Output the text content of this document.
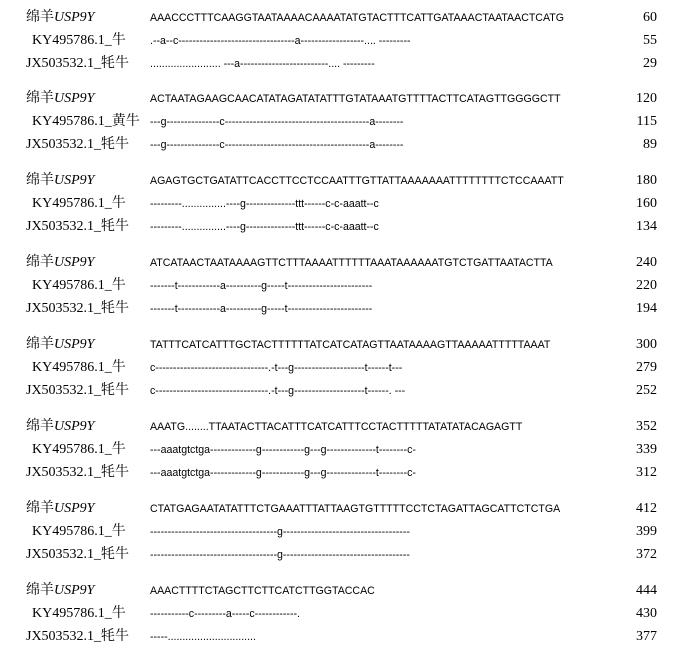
绵羊USP9Y	AAACCCTTTCAAGGTAATAAAACAAAATATGTACTTTCATTGATAAACTAATAACTCATG	60
KY495786.1_牛 .--a--c---------------------------------a------------------.... ---------	55
JX503532.1_牦牛 ........................ ---a-------------------------.... ---------	29
绵羊USP9Y	ACTAATAGAAGCAACATATAGATATATTTGTATAAATGTTTTACTTCATAGTTGGGGCTT	120
KY495786.1_黄牛 ---g---------------c-----------------------------------------a--------	115
JX503532.1_牦牛 ---g---------------c-----------------------------------------a--------	89
绵羊USP9Y	AGAGTGCTGATATTCACCTTCCTCCAATTTGTTATTAAAAAAATTTTTTTTCTCCAAATT	180
KY495786.1_牛 ---------...............----g--------------ttt------c-c-aaatt--c	160
JX503532.1_牦牛 ---------...............----g--------------ttt------c-c-aaatt--c	134
绵羊USP9Y	ATCATAACTAATAAAAGTTCTTTAAAATTTTTTAAATAAAAAATGTCTGATTAATACTTA	240
KY495786.1_牛 -------t------------a----------g-----t------------------------	220
JX503532.1_牦牛 -------t------------a----------g-----t------------------------	194
绵羊USP9Y	TATTTCATCATTTGCTACTTTTTTATCATCATAGTTAATAAAAGTTAAAAATTTTTAAAT	300
KY495786.1_牛 c--------------------------------.-t---g--------------------t------t---	279
JX503532.1_牦牛 c--------------------------------.-t---g--------------------t------. ---	252
绵羊USP9Y	AAATG........TTAATACTTACATTTCATCATTTCCTACTTTTTATATATACAGAGTT	352
KY495786.1_牛 ---aaatgtctga-------------g------------g---g--------------t--------c-	339
JX503532.1_牦牛 ---aaatgtctga-------------g------------g---g--------------t--------c-	312
绵羊USP9Y	CTATGAGAATATATTTCTGAAATTTATTAAGTGTTTTTCCTCTAGATTAGCATTCTCTGA	412
KY495786.1_牛 ------------------------------------g------------------------------------	399
JX503532.1_牦牛 ------------------------------------g------------------------------------	372
绵羊USP9Y	AAACTTTTCTAGCTTCTTCATCTTGGTACCAC	444
KY495786.1_牛 -----------c---------a-----c------------.	430
JX503532.1_牦牛 -----..............................	377
